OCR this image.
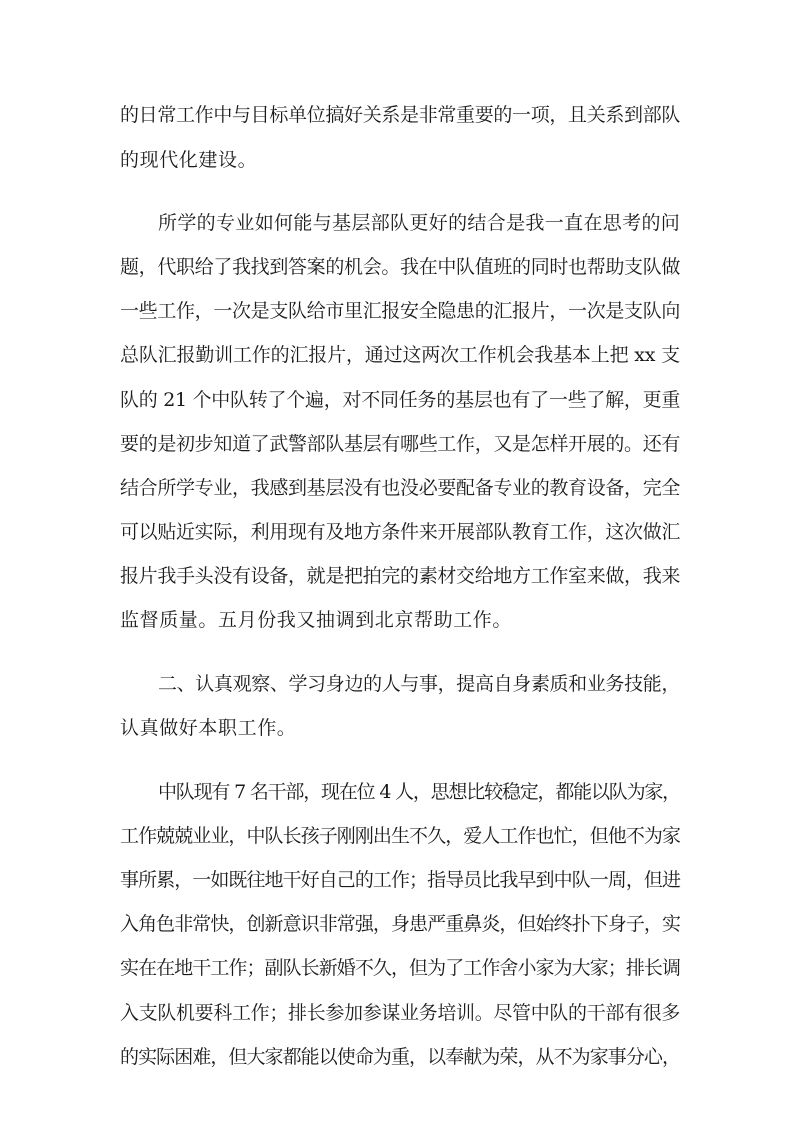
的日常工作中与目标单位搞好关系是非常重要的一项，且关系到部队
的现代化建设。
所学的专业如何能与基层部队更好的结合是我一直在思考的问
题，代职给了我找到答案的机会。我在中队值班的同时也帮助支队做
一些工作，一次是支队给市里汇报安全隐患的汇报片，一次是支队向
总队汇报勤训工作的汇报片，通过这两次工作机会我基本上把 xx 支
队的 21 个中队转了个遍，对不同任务的基层也有了一些了解，更重
要的是初步知道了武警部队基层有哪些工作，又是怎样开展的。还有
结合所学专业，我感到基层没有也没必要配备专业的教育设备，完全
可以贴近实际，利用现有及地方条件来开展部队教育工作，这次做汇
报片我手头没有设备，就是把拍完的素材交给地方工作室来做，我来
监督质量。五月份我又抽调到北京帮助工作。
二、认真观察、学习身边的人与事，提高自身素质和业务技能，
认真做好本职工作。
中队现有 7 名干部，现在位 4 人，思想比较稳定，都能以队为家，
工作兢兢业业，中队长孩子刚刚出生不久，爱人工作也忙，但他不为家
事所累，一如既往地干好自己的工作；指导员比我早到中队一周，但进
入角色非常快，创新意识非常强，身患严重鼻炎，但始终扑下身子，实
实在在地干工作；副队长新婚不久，但为了工作舍小家为大家；排长调
入支队机要科工作；排长参加参谋业务培训。尽管中队的干部有很多
的实际困难，但大家都能以使命为重，以奉献为荣，从不为家事分心，
